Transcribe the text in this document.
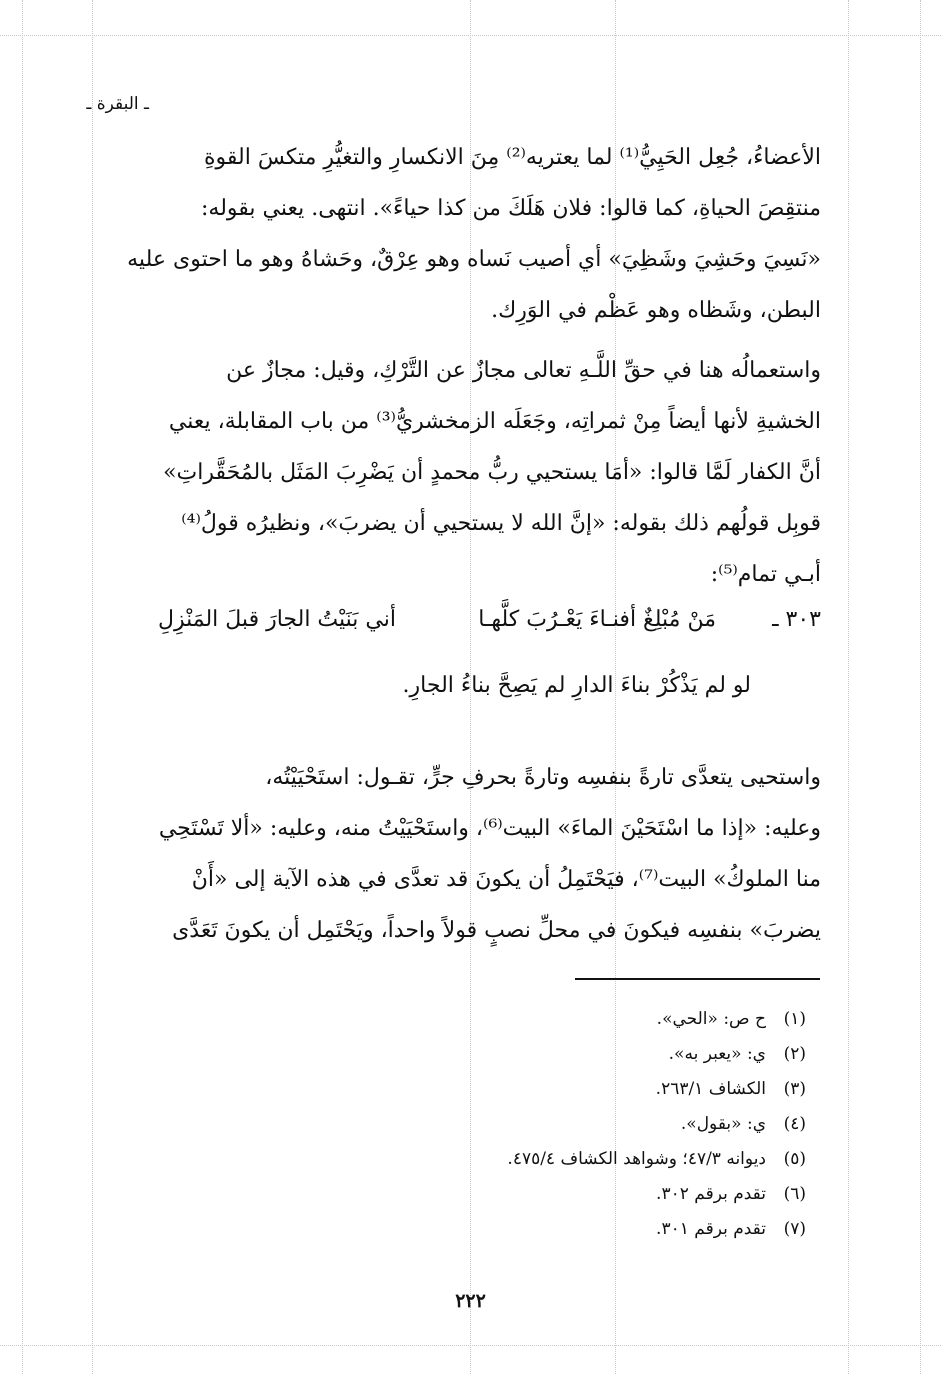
ـ البقرة ـ
الأعضاءُ، جُعِل الحَيِيُّ⁽¹⁾ لما يعتريه⁽²⁾ مِنَ الانكسارِ والتغيُّرِ متكسَ القوةِ
منتقِصَ الحياةِ، كما قالوا: فلان هَلَكَ من كذا حياءً». انتهى. يعني بقوله:
«نَسِيَ وحَشِيَ وشَظِيَ» أي أصيب نَساه وهو عِرْقٌ، وحَشاهُ وهو ما احتوى عليه
البطن، وشَظاه وهو عَظْم في الوَرِك.
واستعمالُه هنا في حقِّ اللَّـهِ تعالى مجازٌ عن التَّرْكِ، وقيل: مجازٌ عن
الخشيةِ لأنها أيضاً مِنْ ثمراتِه، وجَعَلَه الزمخشريُّ⁽³⁾ من باب المقابلة، يعني
أنَّ الكفار لَمَّا قالوا: «أمَا يستحيي ربُّ محمدٍ أن يَضْرِبَ المَثَل بالمُحَقَّراتِ»
قوبِل قولُهم ذلك بقوله: «إنَّ الله لا يستحيي أن يضربَ»، ونظيرُه قولُ⁽⁴⁾
أبـي تمام⁽⁵⁾:
٣٠٣ ـ
مَنْ مُبْلِغٌ أفنـاءَ يَعْـرُبَ كلَّهـا
أني بَنَيْتُ الجارَ قبلَ المَنْزِلِ
لو لم يَذْكُرْ بناءَ الدارِ لم يَصِحَّ بناءُ الجارِ.
واستحيى يتعدَّى تارةً بنفسِه وتارةً بحرفِ جرٍّ، تقـول: استَحْيَيْتُه،
وعليه: «إذا ما اسْتَحَيْنَ الماءَ» البيت⁽⁶⁾، واستَحْيَيْتُ منه، وعليه: «ألا تَسْتَحِي
منا الملوكُ» البيت⁽⁷⁾، فيَحْتَمِلُ أن يكونَ قد تعدَّى في هذه الآية إلى «أَنْ
يضربَ» بنفسِه فيكونَ في محلِّ نصبٍ قولاً واحداً، ويَحْتَمِل أن يكونَ تَعَدَّى
(١)
ح ص: «الحي».
(٢)
ي: «يعبر به».
(٣)
الكشاف ٢٦٣/١.
(٤)
ي: «بقول».
(٥)
ديوانه ٤٧/٣؛ وشواهد الكشاف ٤٧٥/٤.
(٦)
تقدم برقم ٣٠٢.
(٧)
تقدم برقم ٣٠١.
٢٢٢
